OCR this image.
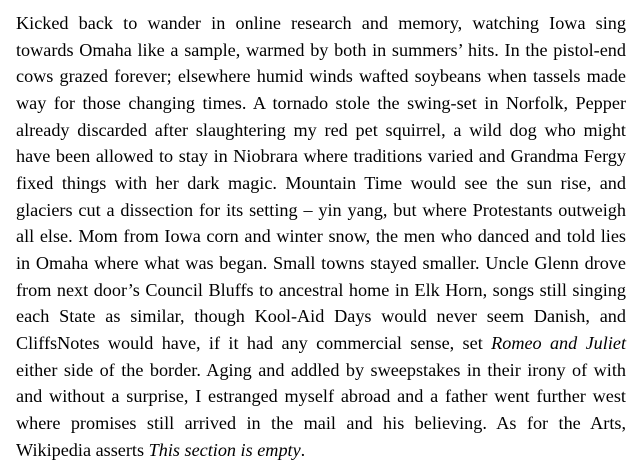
Kicked back to wander in online research and memory, watching Iowa sing towards Omaha like a sample, warmed by both in summers’ hits. In the pistol-end cows grazed forever; elsewhere humid winds wafted soybeans when tassels made way for those changing times. A tornado stole the swing-set in Norfolk, Pepper already discarded after slaughtering my red pet squirrel, a wild dog who might have been allowed to stay in Niobrara where traditions varied and Grandma Fergy fixed things with her dark magic. Mountain Time would see the sun rise, and glaciers cut a dissection for its setting – yin yang, but where Protestants outweigh all else. Mom from Iowa corn and winter snow, the men who danced and told lies in Omaha where what was began. Small towns stayed smaller. Uncle Glenn drove from next door’s Council Bluffs to ancestral home in Elk Horn, songs still singing each State as similar, though Kool-Aid Days would never seem Danish, and CliffsNotes would have, if it had any commercial sense, set Romeo and Juliet either side of the border. Aging and addled by sweepstakes in their irony of with and without a surprise, I estranged myself abroad and a father went further west where promises still arrived in the mail and his believing. As for the Arts, Wikipedia asserts This section is empty.
